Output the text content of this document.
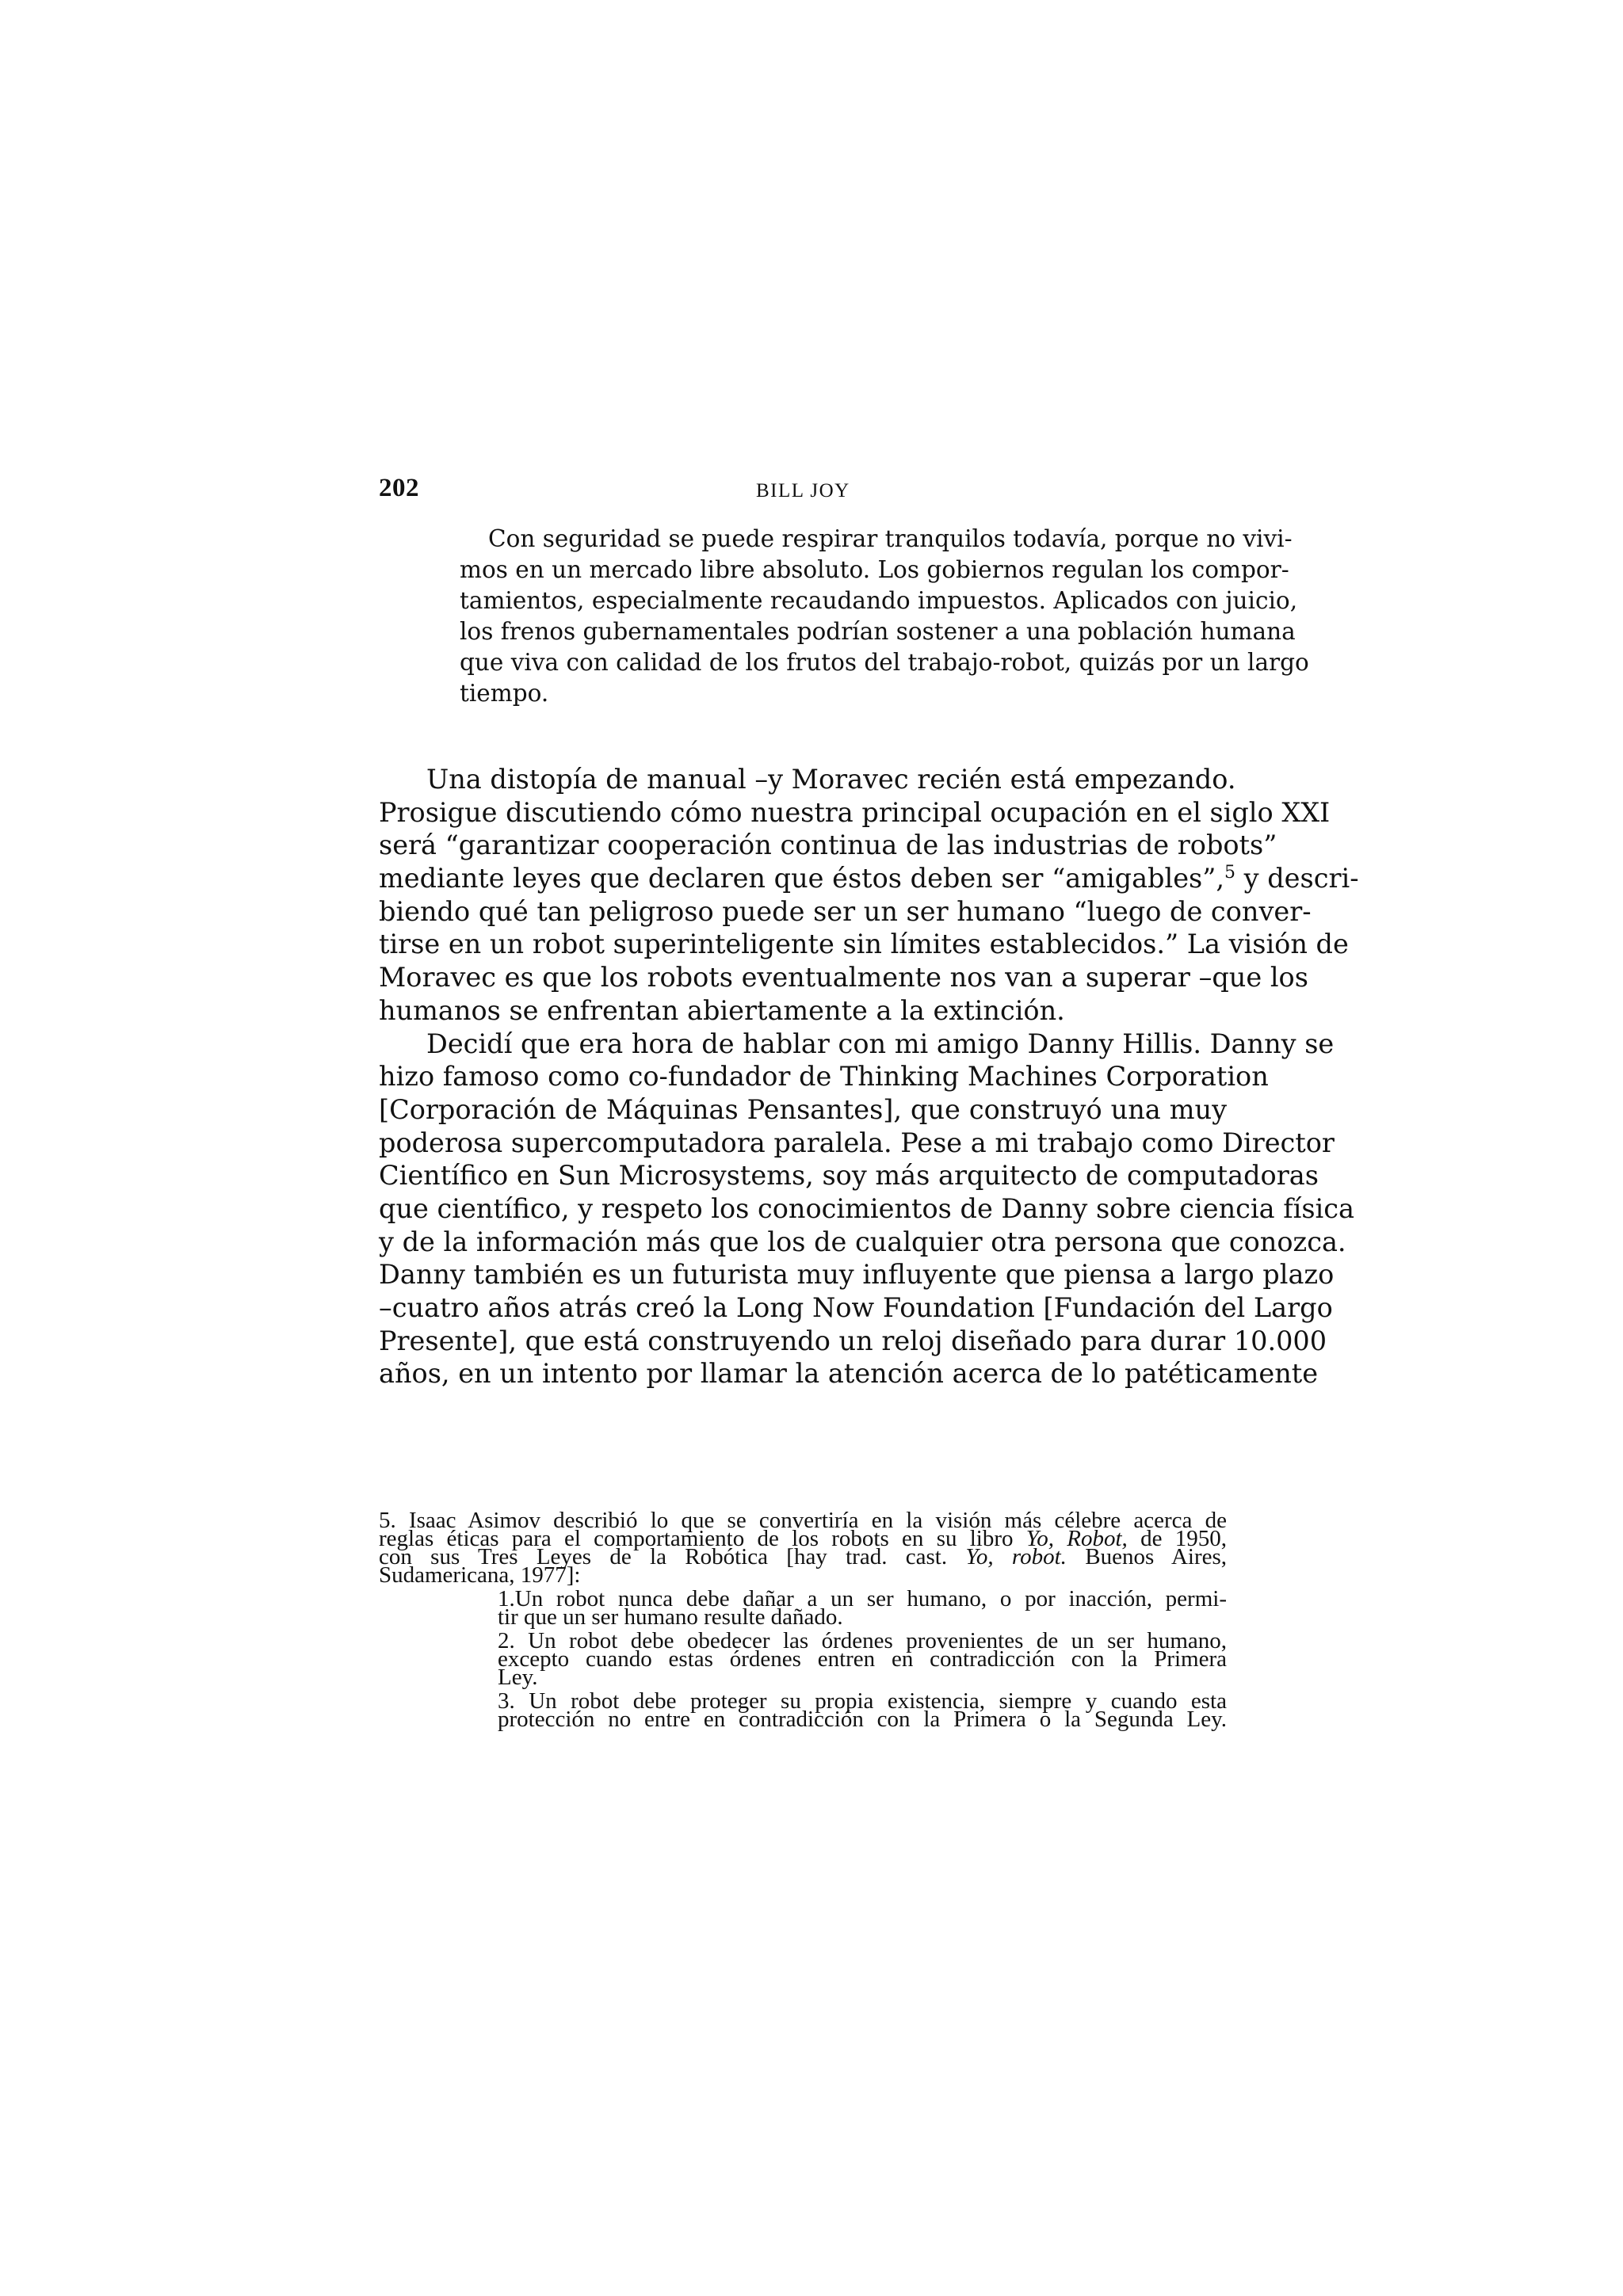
202	BILL JOY
Con seguridad se puede respirar tranquilos todavía, porque no vivi-
mos en un mercado libre absoluto. Los gobiernos regulan los compor-
tamientos, especialmente recaudando impuestos. Aplicados con juicio,
los frenos gubernamentales podrían sostener a una población humana
que viva con calidad de los frutos del trabajo-robot, quizás por un largo
tiempo.
Una distopía de manual –y Moravec recién está empezando.
Prosigue discutiendo cómo nuestra principal ocupación en el siglo XXI
será “garantizar cooperación continua de las industrias de robots”
mediante leyes que declaren que éstos deben ser “amigables”,$^5$ y descri-
biendo qué tan peligroso puede ser un ser humano “luego de conver-
tirse en un robot superinteligente sin límites establecidos.” La visión de
Moravec es que los robots eventualmente nos van a superar –que los
humanos se enfrentan abiertamente a la extinción.
Decidí que era hora de hablar con mi amigo Danny Hillis. Danny se
hizo famoso como co-fundador de Thinking Machines Corporation
[Corporación de Máquinas Pensantes], que construyó una muy
poderosa supercomputadora paralela. Pese a mi trabajo como Director
Científico en Sun Microsystems, soy más arquitecto de computadoras
que científico, y respeto los conocimientos de Danny sobre ciencia física
y de la información más que los de cualquier otra persona que conozca.
Danny también es un futurista muy influyente que piensa a largo plazo
–cuatro años atrás creó la Long Now Foundation [Fundación del Largo
Presente], que está construyendo un reloj diseñado para durar 10.000
años, en un intento por llamar la atención acerca de lo patéticamente
5. Isaac Asimov describió lo que se convertiría en la visión más célebre acerca de
reglas éticas para el comportamiento de los robots en su libro Yo, Robot, de 1950,
con sus Tres Leyes de la Robótica [hay trad. cast. Yo, robot. Buenos Aires,
Sudamericana, 1977]:
1.Un robot nunca debe dañar a un ser humano, o por inacción, permi-
tir que un ser humano resulte dañado.
2. Un robot debe obedecer las órdenes provenientes de un ser humano,
excepto cuando estas órdenes entren en contradicción con la Primera
Ley.
3. Un robot debe proteger su propia existencia, siempre y cuando esta
protección no entre en contradicción con la Primera o la Segunda Ley.
